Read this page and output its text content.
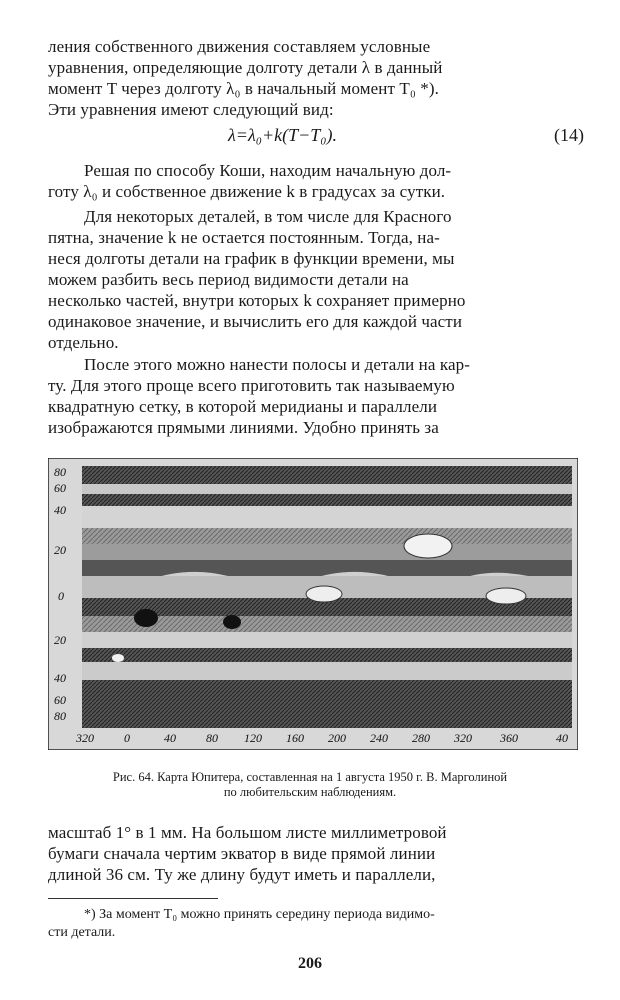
ления собственного движения составляем условные
уравнения, определяющие долготу детали λ в данный
момент T через долготу λ₀ в начальный момент T₀ *).
Эти уравнения имеют следующий вид:
λ=λ₀+k(T−T₀).	(14)
Решая по способу Коши, находим начальную дол-
готу λ₀ и собственное движение k в градусах за сутки.
Для некоторых деталей, в том числе для Красного
пятна, значение k не остается постоянным. Тогда, на-
неся долготы детали на график в функции времени, мы
можем разбить весь период видимости детали на
несколько частей, внутри которых k сохраняет примерно
одинаковое значение, и вычислить его для каждой части
отдельно.
После этого можно нанести полосы и детали на кар-
ту. Для этого проще всего приготовить так называемую
квадратную сетку, в которой меридианы и параллели
изображаются прямыми линиями. Удобно принять за
80
60
40
20
0
20
40
60
80
320	0	40	80 120 160 200 240 280 320 360	40
Рис. 64. Карта Юпитера, составленная на 1 августа 1950 г. В. Марголиной
по любительским наблюдениям.
масштаб 1° в 1 мм. На большом листе миллиметровой
бумаги сначала чертим экватор в виде прямой линии
длиной 36 см. Ту же длину будут иметь и параллели,
*) За момент T₀ можно принять середину периода видимо-
сти детали.
206
